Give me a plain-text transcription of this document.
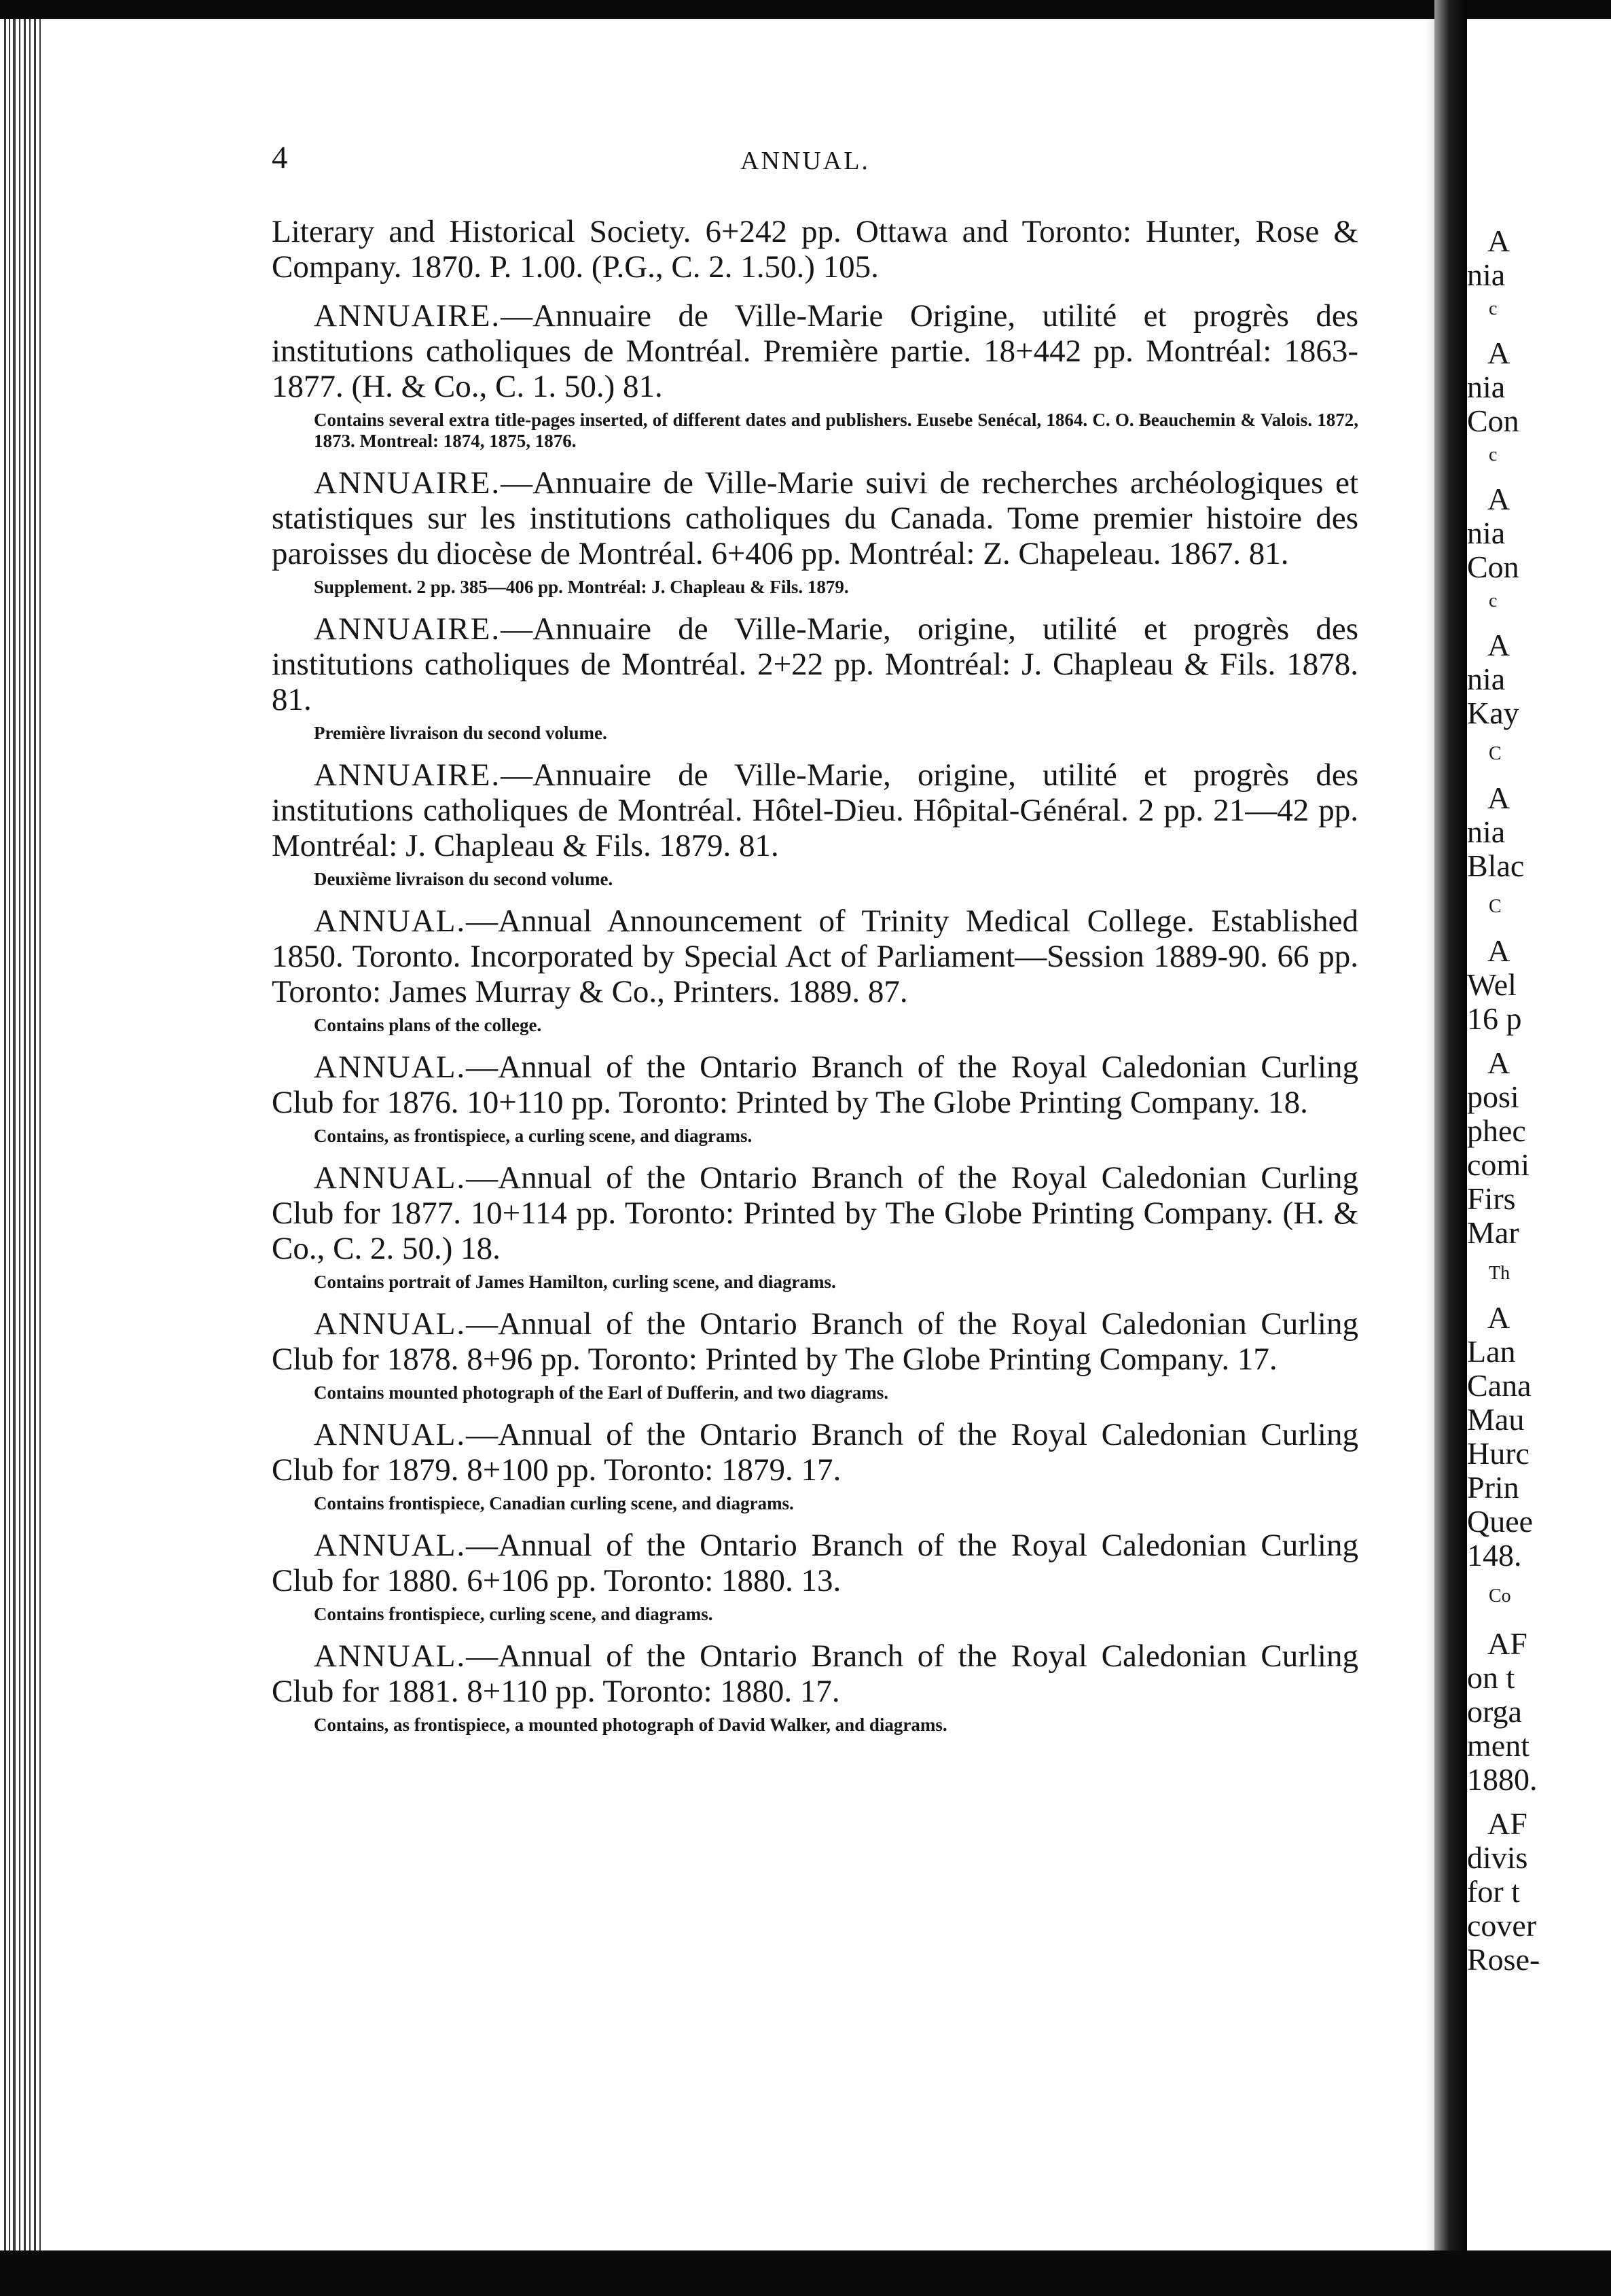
4	ANNUAL.

Literary and Historical Society. 6+242 pp. Ottawa and Toronto: Hunter, Rose & Company. 1870. P. 1.00. (P.G., C. 2. 1.50.) 105.

ANNUAIRE.—Annuaire de Ville-Marie Origine, utilité et progrès des institutions catholiques de Montréal. Première partie. 18+442 pp. Montréal: 1863-1877. (H. & Co., C. 1. 50.) 81.

Contains several extra title-pages inserted, of different dates and publishers. Eusebe Senécal, 1864. C. O. Beauchemin & Valois. 1872, 1873. Montreal: 1874, 1875, 1876.

ANNUAIRE.—Annuaire de Ville-Marie suivi de recherches archéologiques et statistiques sur les institutions catholiques du Canada. Tome premier histoire des paroisses du diocèse de Montréal. 6+406 pp. Montréal: Z. Chapeleau. 1867. 81.

Supplement. 2 pp. 385—406 pp. Montréal: J. Chapleau & Fils. 1879.

ANNUAIRE.—Annuaire de Ville-Marie, origine, utilité et progrès des institutions catholiques de Montréal. 2+22 pp. Montréal: J. Chapleau & Fils. 1878. 81.

Première livraison du second volume.

ANNUAIRE.—Annuaire de Ville-Marie, origine, utilité et progrès des institutions catholiques de Montréal. Hôtel-Dieu. Hôpital-Général. 2 pp. 21—42 pp. Montréal: J. Chapleau & Fils. 1879. 81.

Deuxième livraison du second volume.

ANNUAL.—Annual Announcement of Trinity Medical College. Established 1850. Toronto. Incorporated by Special Act of Parliament—Session 1889-90. 66 pp. Toronto: James Murray & Co., Printers. 1889. 87.

Contains plans of the college.

ANNUAL.—Annual of the Ontario Branch of the Royal Caledonian Curling Club for 1876. 10+110 pp. Toronto: Printed by The Globe Printing Company. 18.

Contains, as frontispiece, a curling scene, and diagrams.

ANNUAL.—Annual of the Ontario Branch of the Royal Caledonian Curling Club for 1877. 10+114 pp. Toronto: Printed by The Globe Printing Company. (H. & Co., C. 2. 50.) 18.

Contains portrait of James Hamilton, curling scene, and diagrams.

ANNUAL.—Annual of the Ontario Branch of the Royal Caledonian Curling Club for 1878. 8+96 pp. Toronto: Printed by The Globe Printing Company. 17.

Contains mounted photograph of the Earl of Dufferin, and two diagrams.

ANNUAL.—Annual of the Ontario Branch of the Royal Caledonian Curling Club for 1879. 8+100 pp. Toronto: 1879. 17.

Contains frontispiece, Canadian curling scene, and diagrams.

ANNUAL.—Annual of the Ontario Branch of the Royal Caledonian Curling Club for 1880. 6+106 pp. Toronto: 1880. 13.

Contains frontispiece, curling scene, and diagrams.

ANNUAL.—Annual of the Ontario Branch of the Royal Caledonian Curling Club for 1881. 8+110 pp. Toronto: 1880. 17.

Contains, as frontispiece, a mounted photograph of David Walker, and diagrams.

A
nia
c
A
nia
Con
c
A
nia
Con
c
A
nia
Kay
C
A
nia
Blac
C
A
Wel
16 p
A
posi
phec
comi
Firs
Mar
Th
A
Lan
Cana
Mau
Hurc
Prin
Quee
148.
Co
AF
on t
orga
ment
1880.
AF
divis
for t
cover
Rose-
